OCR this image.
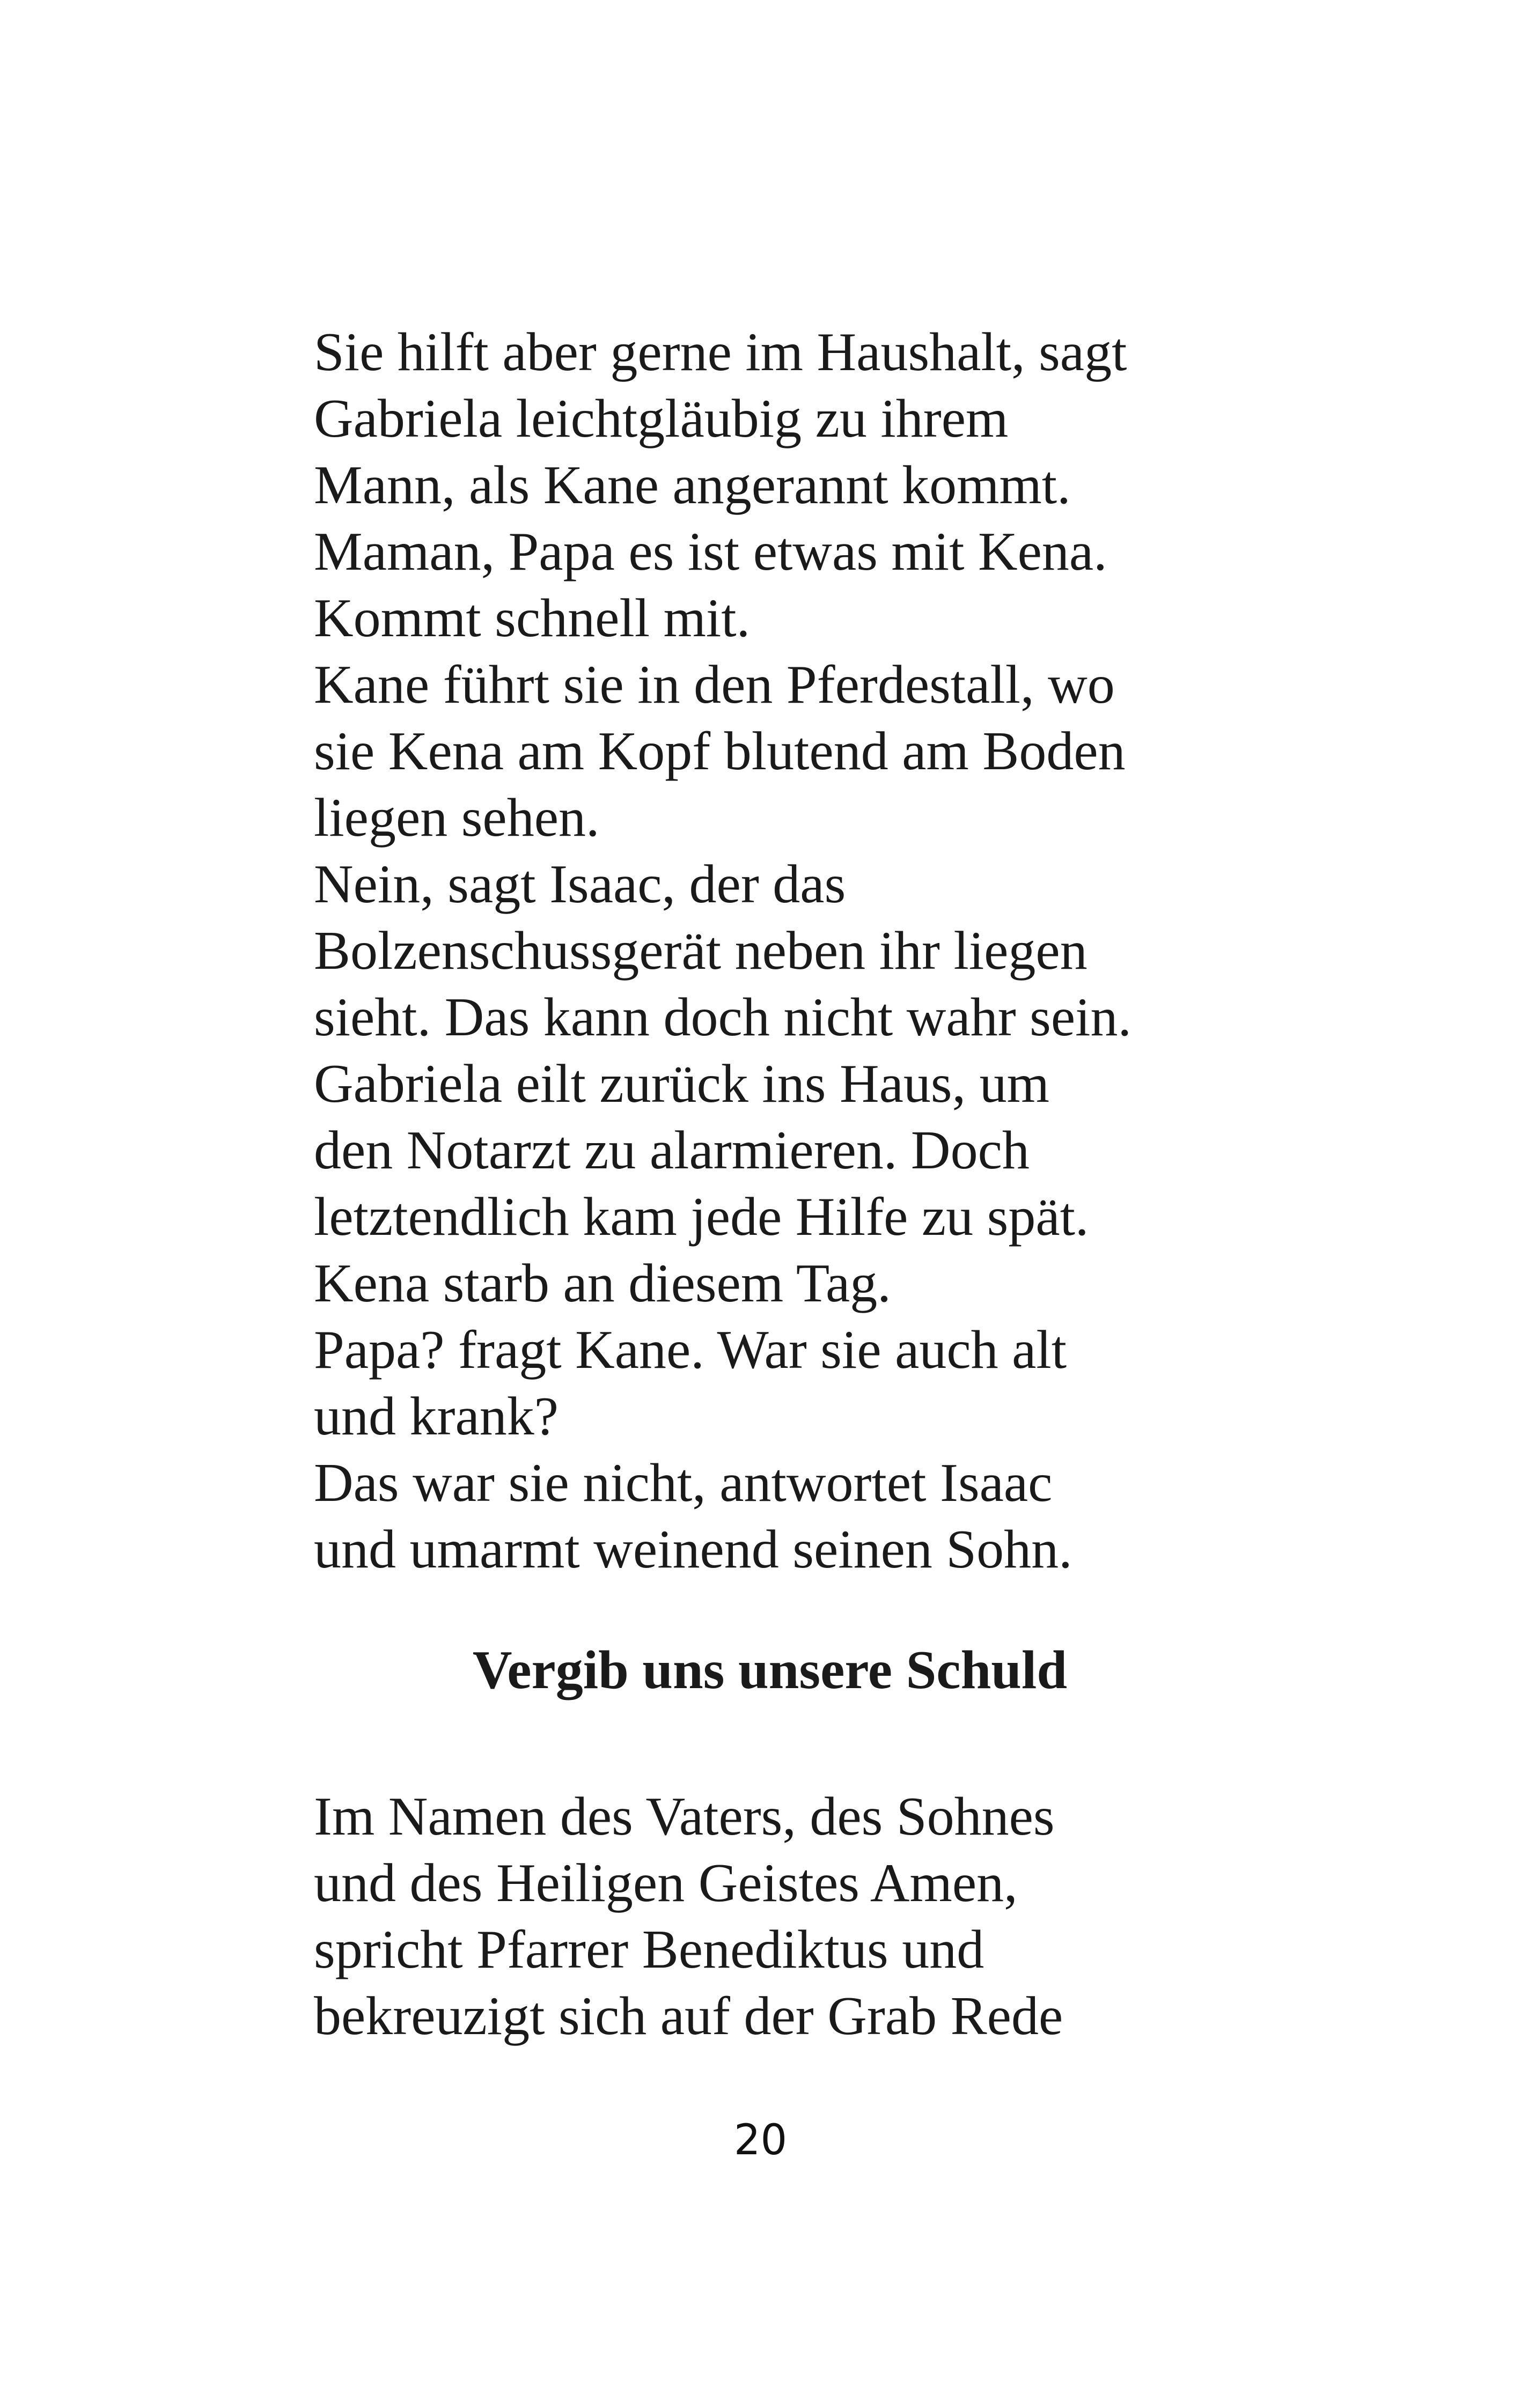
Sie hilft aber gerne im Haushalt, sagt
Gabriela leichtgläubig zu ihrem
Mann, als Kane angerannt kommt.
Maman, Papa es ist etwas mit Kena.
Kommt schnell mit.
Kane führt sie in den Pferdestall, wo
sie Kena am Kopf blutend am Boden
liegen sehen.
Nein, sagt Isaac, der das
Bolzenschussgerät neben ihr liegen
sieht. Das kann doch nicht wahr sein.
Gabriela eilt zurück ins Haus, um
den Notarzt zu alarmieren. Doch
letztendlich kam jede Hilfe zu spät.
Kena starb an diesem Tag.
Papa? fragt Kane. War sie auch alt
und krank?
Das war sie nicht, antwortet Isaac
und umarmt weinend seinen Sohn.
Vergib uns unsere Schuld
Im Namen des Vaters, des Sohnes
und des Heiligen Geistes Amen,
spricht Pfarrer Benediktus und
bekreuzigt sich auf der Grab Rede
20
